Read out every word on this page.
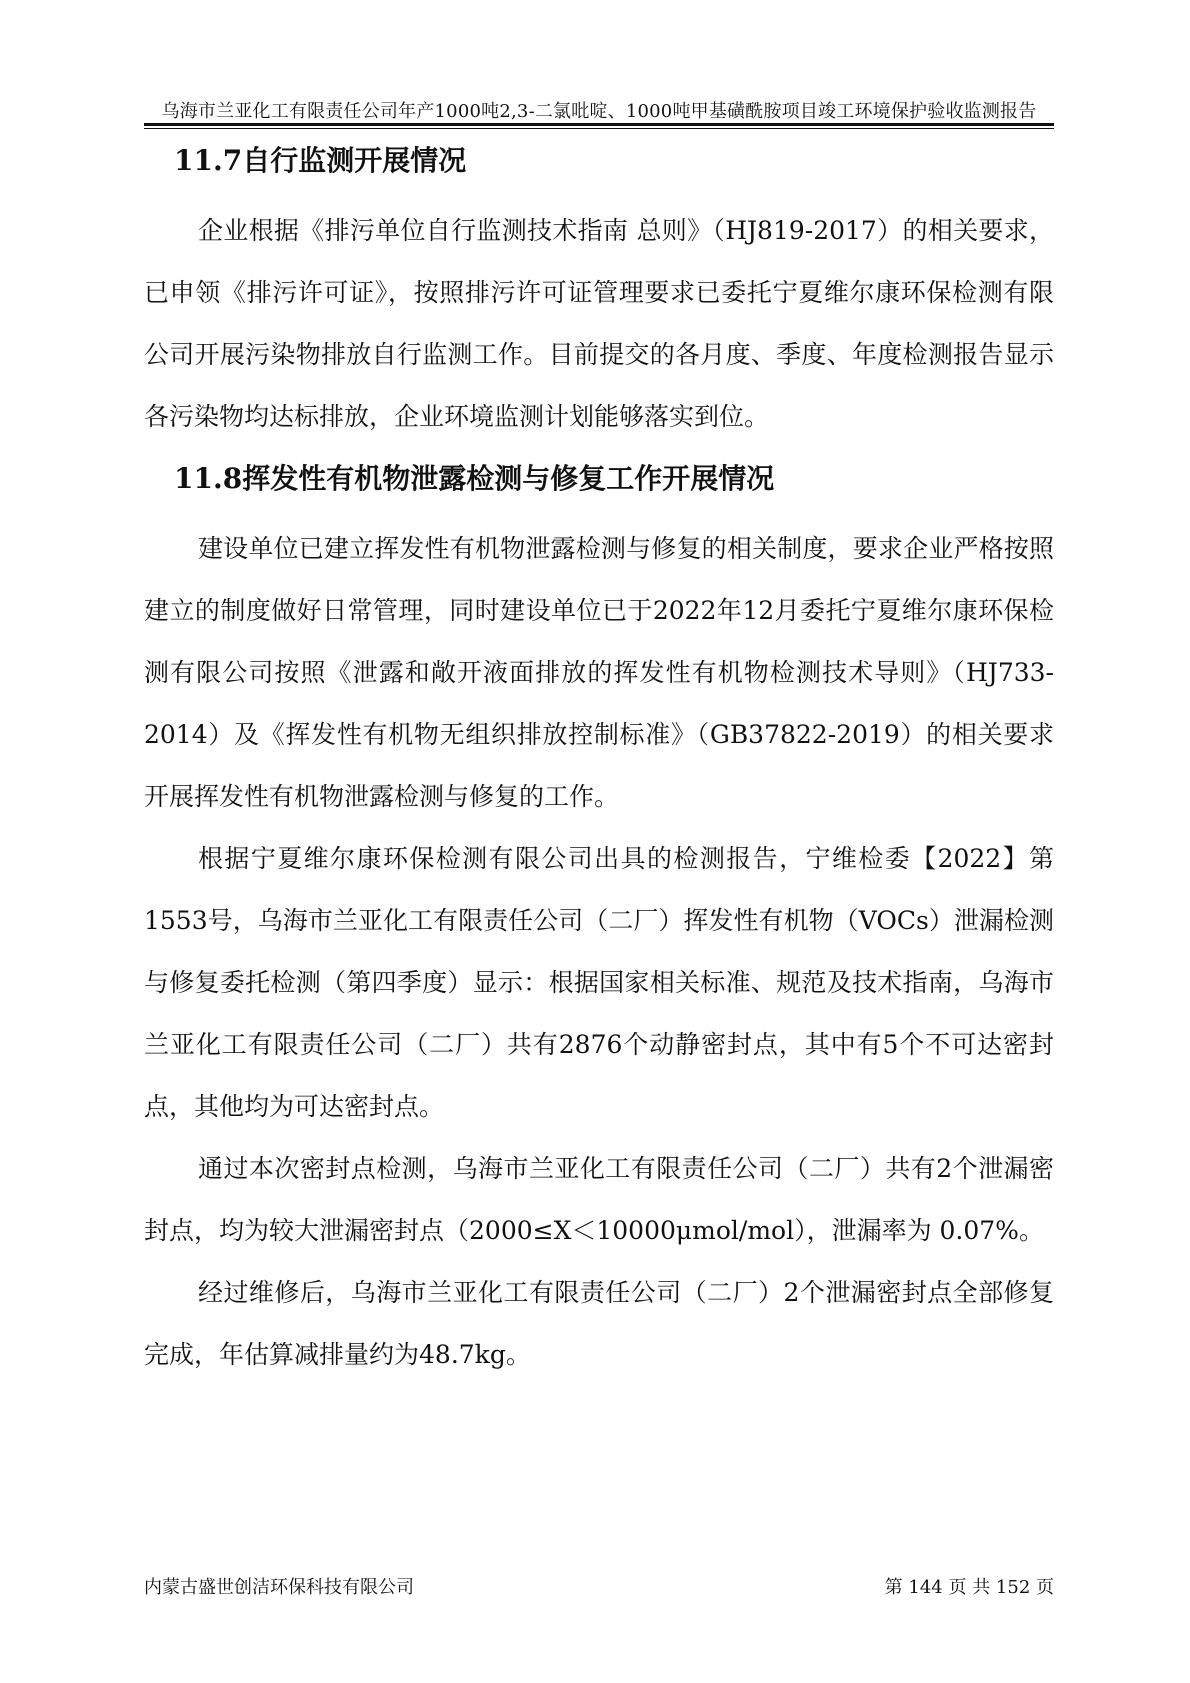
乌海市兰亚化工有限责任公司年产1000吨2,3-二氯吡啶、1000吨甲基磺酰胺项目竣工环境保护验收监测报告
11.7自行监测开展情况

企业根据《排污单位自行监测技术指南 总则》（HJ819-2017）的相关要求，已申领《排污许可证》，按照排污许可证管理要求已委托宁夏维尔康环保检测有限公司开展污染物排放自行监测工作。目前提交的各月度、季度、年度检测报告显示各污染物均达标排放，企业环境监测计划能够落实到位。

11.8挥发性有机物泄露检测与修复工作开展情况

建设单位已建立挥发性有机物泄露检测与修复的相关制度，要求企业严格按照建立的制度做好日常管理，同时建设单位已于2022年12月委托宁夏维尔康环保检测有限公司按照《泄露和敞开液面排放的挥发性有机物检测技术导则》（HJ733-2014）及《挥发性有机物无组织排放控制标准》（GB37822-2019）的相关要求开展挥发性有机物泄露检测与修复的工作。

根据宁夏维尔康环保检测有限公司出具的检测报告，宁维检委【2022】第1553号，乌海市兰亚化工有限责任公司（二厂）挥发性有机物（VOCs）泄漏检测与修复委托检测（第四季度）显示：根据国家相关标准、规范及技术指南，乌海市兰亚化工有限责任公司（二厂）共有2876个动静密封点，其中有5个不可达密封点，其他均为可达密封点。

通过本次密封点检测，乌海市兰亚化工有限责任公司（二厂）共有2个泄漏密封点，均为较大泄漏密封点（2000≤X＜10000μmol/mol），泄漏率为 0.07%。

经过维修后，乌海市兰亚化工有限责任公司（二厂）2个泄漏密封点全部修复完成，年估算减排量约为48.7kg。

内蒙古盛世创洁环保科技有限公司	第 144 页 共 152 页
